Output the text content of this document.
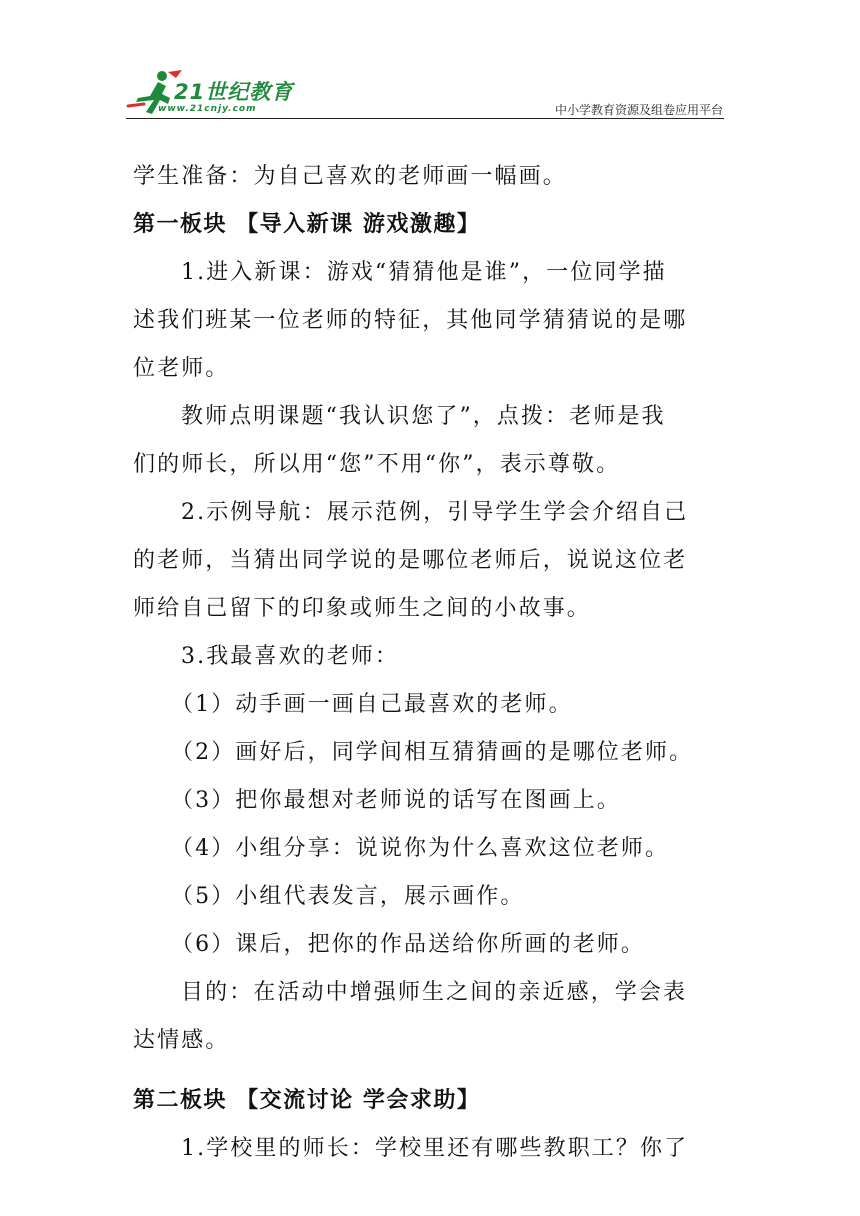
21世纪教育
www.21cnjy.com	中小学教育资源及组卷应用平台
学生准备：为自己喜欢的老师画一幅画。
第一板块 【导入新课 游戏激趣】
1.进入新课：游戏“猜猜他是谁”，一位同学描
述我们班某一位老师的特征，其他同学猜猜说的是哪
位老师。
教师点明课题“我认识您了”，点拨：老师是我
们的师长，所以用“您”不用“你”，表示尊敬。
2.示例导航：展示范例，引导学生学会介绍自己
的老师，当猜出同学说的是哪位老师后，说说这位老
师给自己留下的印象或师生之间的小故事。
3.我最喜欢的老师：
（1）动手画一画自己最喜欢的老师。
（2）画好后，同学间相互猜猜画的是哪位老师。
（3）把你最想对老师说的话写在图画上。
（4）小组分享：说说你为什么喜欢这位老师。
（5）小组代表发言，展示画作。
（6）课后，把你的作品送给你所画的老师。
目的：在活动中增强师生之间的亲近感，学会表
达情感。
第二板块 【交流讨论 学会求助】
1.学校里的师长：学校里还有哪些教职工？你了
